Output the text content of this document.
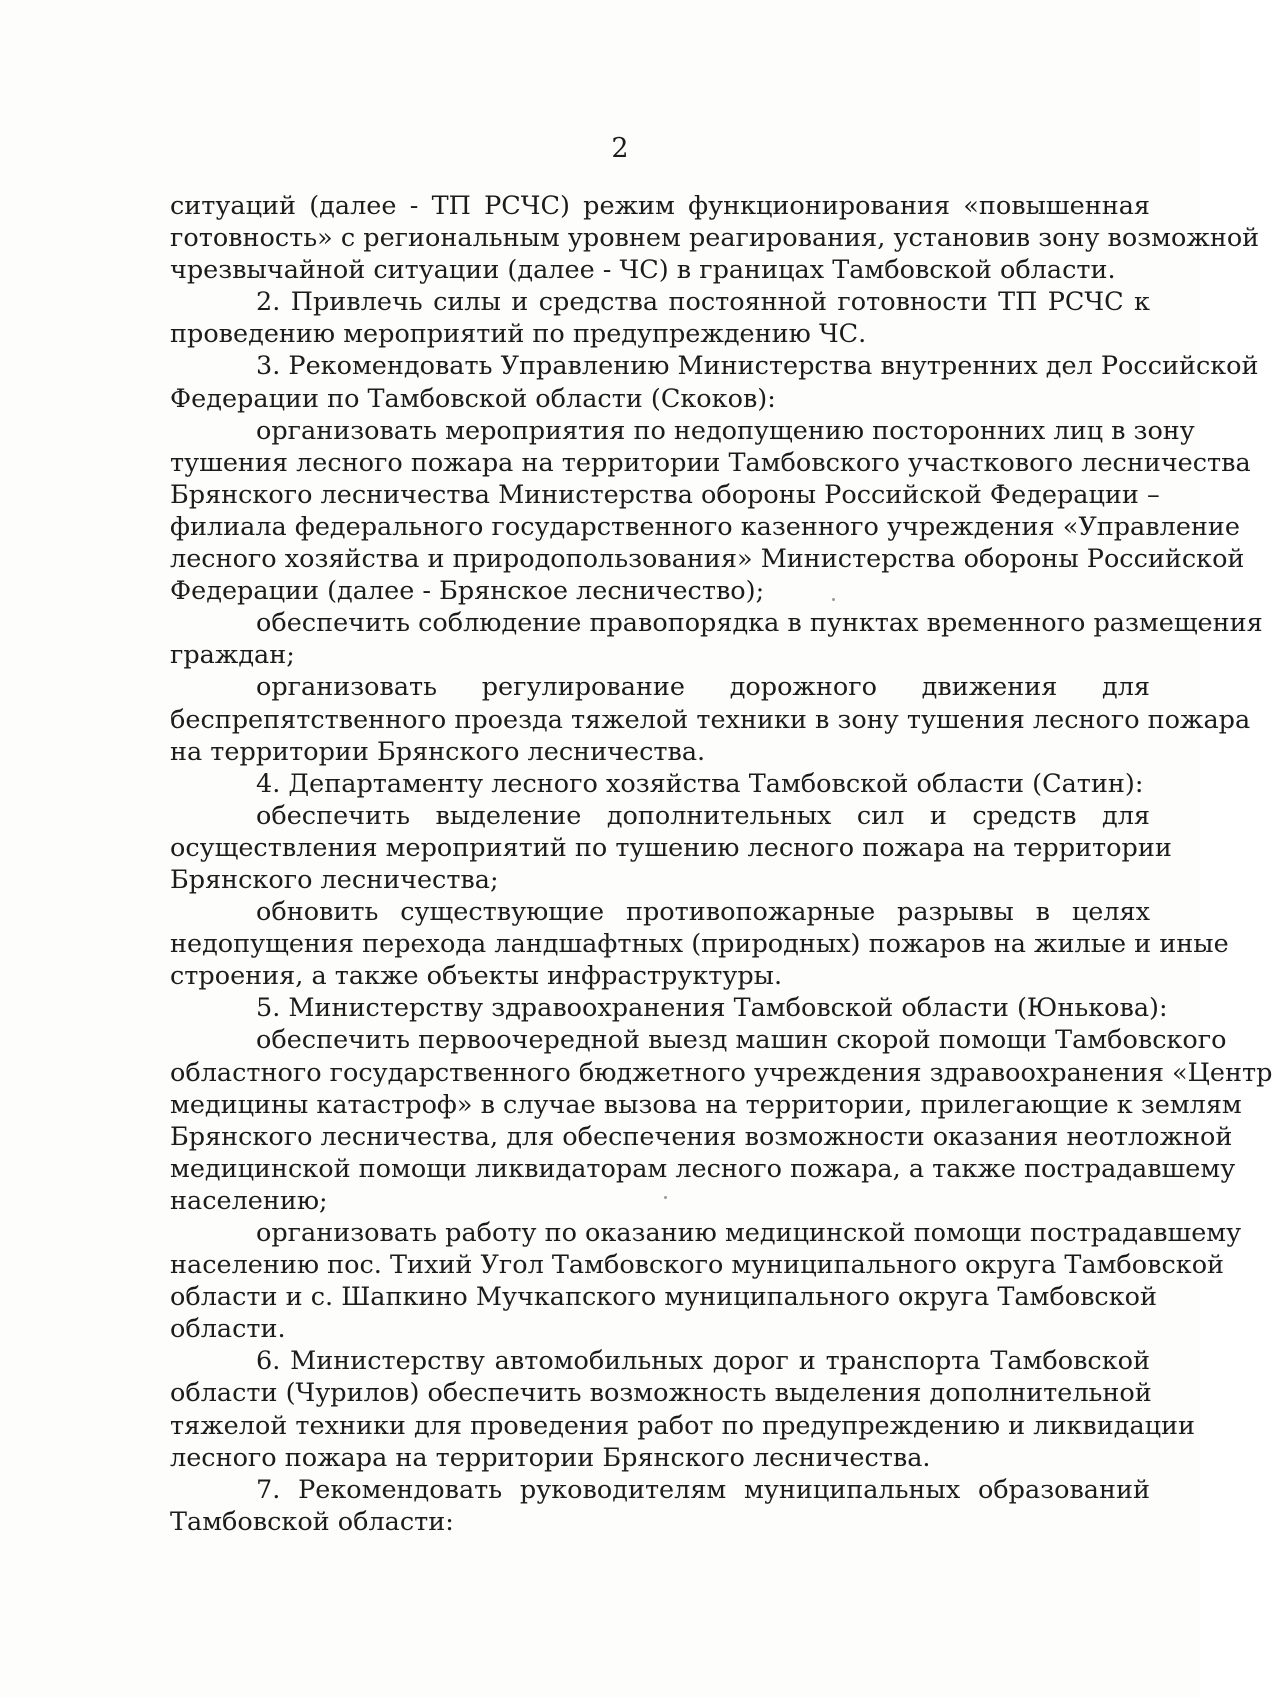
2
ситуаций (далее - ТП РСЧС) режим функционирования «повышенная
готовность» с региональным уровнем реагирования, установив зону возможной
чрезвычайной ситуации (далее - ЧС) в границах Тамбовской области.
2. Привлечь силы и средства постоянной готовности ТП РСЧС к
проведению мероприятий по предупреждению ЧС.
3. Рекомендовать Управлению Министерства внутренних дел Российской
Федерации по Тамбовской области (Скоков):
организовать мероприятия по недопущению посторонних лиц в зону
тушения лесного пожара на территории Тамбовского участкового лесничества
Брянского лесничества Министерства обороны Российской Федерации –
филиала федерального государственного казенного учреждения «Управление
лесного хозяйства и природопользования» Министерства обороны Российской
Федерации (далее - Брянское лесничество);
обеспечить соблюдение правопорядка в пунктах временного размещения
граждан;
организовать регулирование дорожного движения для
беспрепятственного проезда тяжелой техники в зону тушения лесного пожара
на территории Брянского лесничества.
4. Департаменту лесного хозяйства Тамбовской области (Сатин):
обеспечить выделение дополнительных сил и средств для
осуществления мероприятий по тушению лесного пожара на территории
Брянского лесничества;
обновить существующие противопожарные разрывы в целях
недопущения перехода ландшафтных (природных) пожаров на жилые и иные
строения, а также объекты инфраструктуры.
5. Министерству здравоохранения Тамбовской области (Юнькова):
обеспечить первоочередной выезд машин скорой помощи Тамбовского
областного государственного бюджетного учреждения здравоохранения «Центр
медицины катастроф» в случае вызова на территории, прилегающие к землям
Брянского лесничества, для обеспечения возможности оказания неотложной
медицинской помощи ликвидаторам лесного пожара, а также пострадавшему
населению;
организовать работу по оказанию медицинской помощи пострадавшему
населению пос. Тихий Угол Тамбовского муниципального округа Тамбовской
области и с. Шапкино Мучкапского муниципального округа Тамбовской
области.
6. Министерству автомобильных дорог и транспорта Тамбовской
области (Чурилов) обеспечить возможность выделения дополнительной
тяжелой техники для проведения работ по предупреждению и ликвидации
лесного пожара на территории Брянского лесничества.
7. Рекомендовать руководителям муниципальных образований
Тамбовской области:
